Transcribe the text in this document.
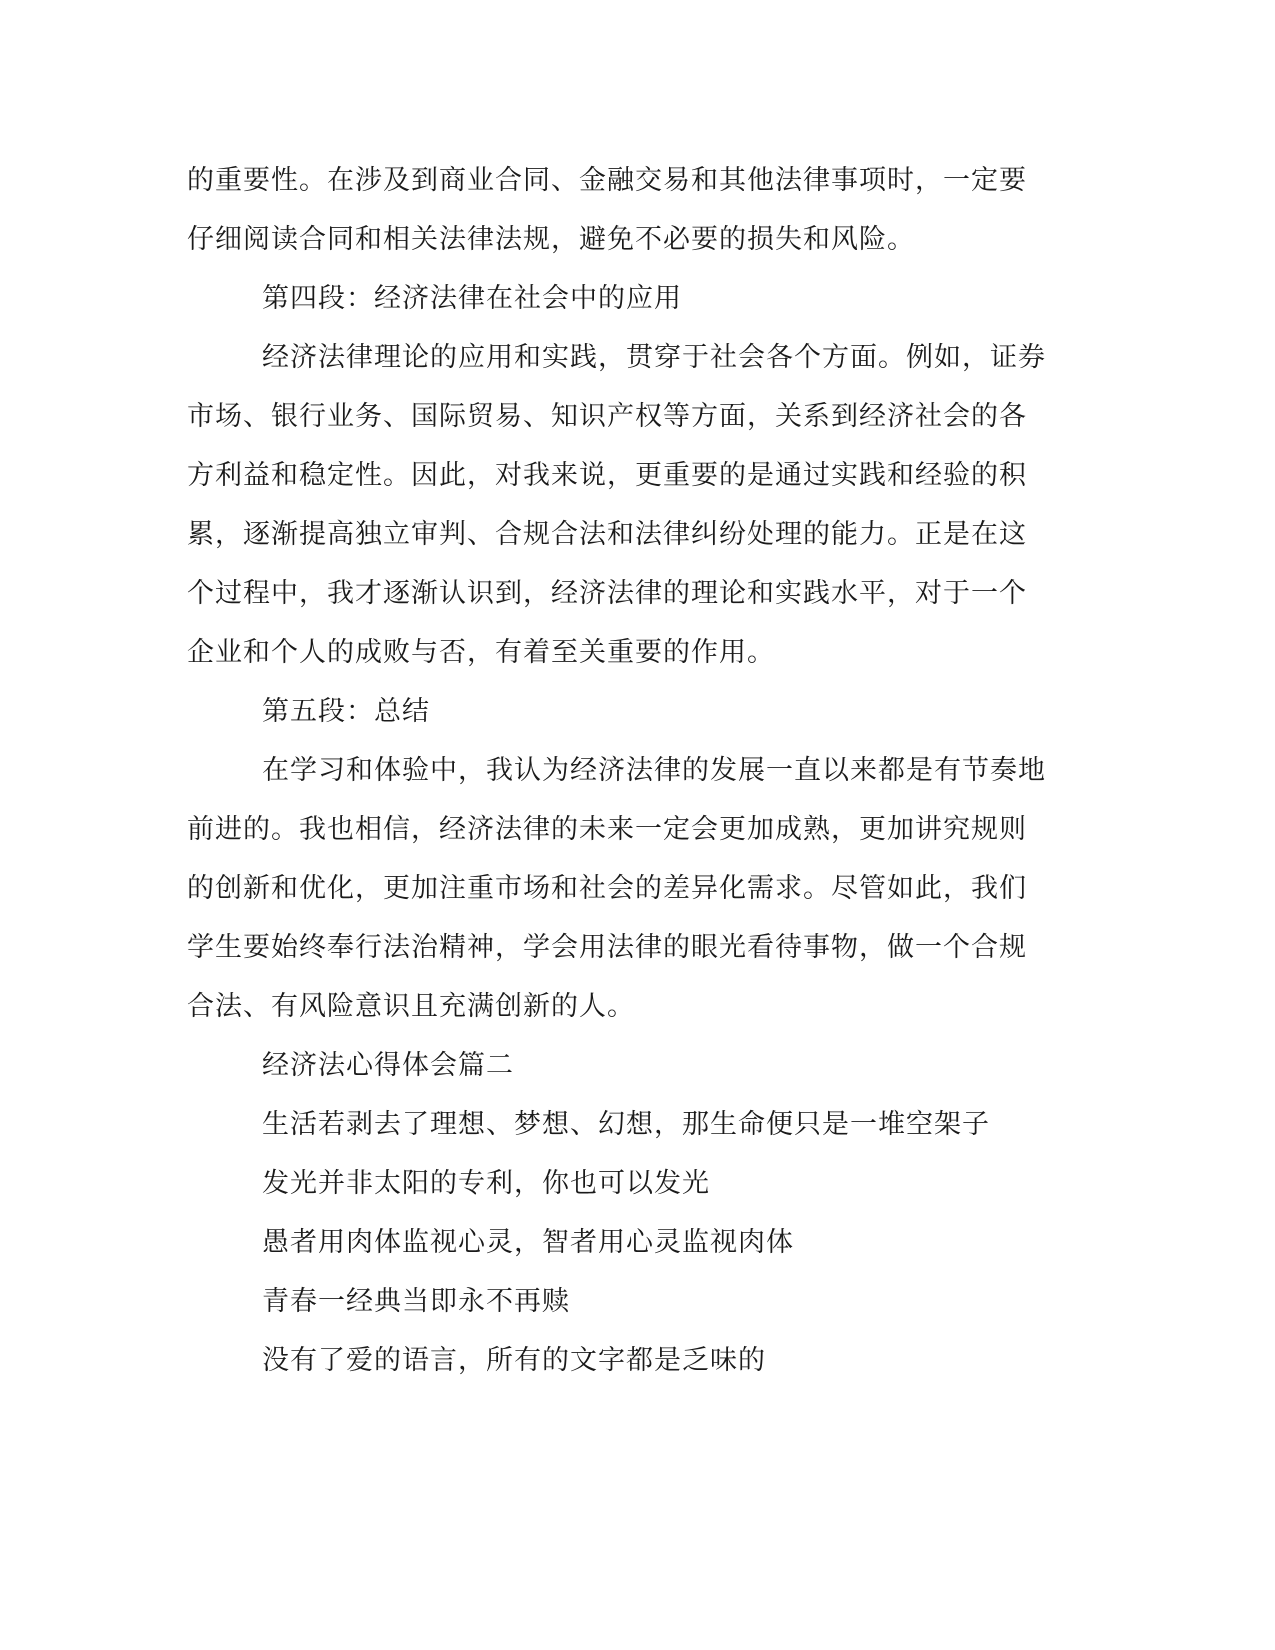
的重要性。在涉及到商业合同、金融交易和其他法律事项时，一定要
仔细阅读合同和相关法律法规，避免不必要的损失和风险。
第四段：经济法律在社会中的应用
经济法律理论的应用和实践，贯穿于社会各个方面。例如，证券
市场、银行业务、国际贸易、知识产权等方面，关系到经济社会的各
方利益和稳定性。因此，对我来说，更重要的是通过实践和经验的积
累，逐渐提高独立审判、合规合法和法律纠纷处理的能力。正是在这
个过程中，我才逐渐认识到，经济法律的理论和实践水平，对于一个
企业和个人的成败与否，有着至关重要的作用。
第五段：总结
在学习和体验中，我认为经济法律的发展一直以来都是有节奏地
前进的。我也相信，经济法律的未来一定会更加成熟，更加讲究规则
的创新和优化，更加注重市场和社会的差异化需求。尽管如此，我们
学生要始终奉行法治精神，学会用法律的眼光看待事物，做一个合规
合法、有风险意识且充满创新的人。
经济法心得体会篇二
生活若剥去了理想、梦想、幻想，那生命便只是一堆空架子
发光并非太阳的专利，你也可以发光
愚者用肉体监视心灵，智者用心灵监视肉体
青春一经典当即永不再赎
没有了爱的语言，所有的文字都是乏味的
